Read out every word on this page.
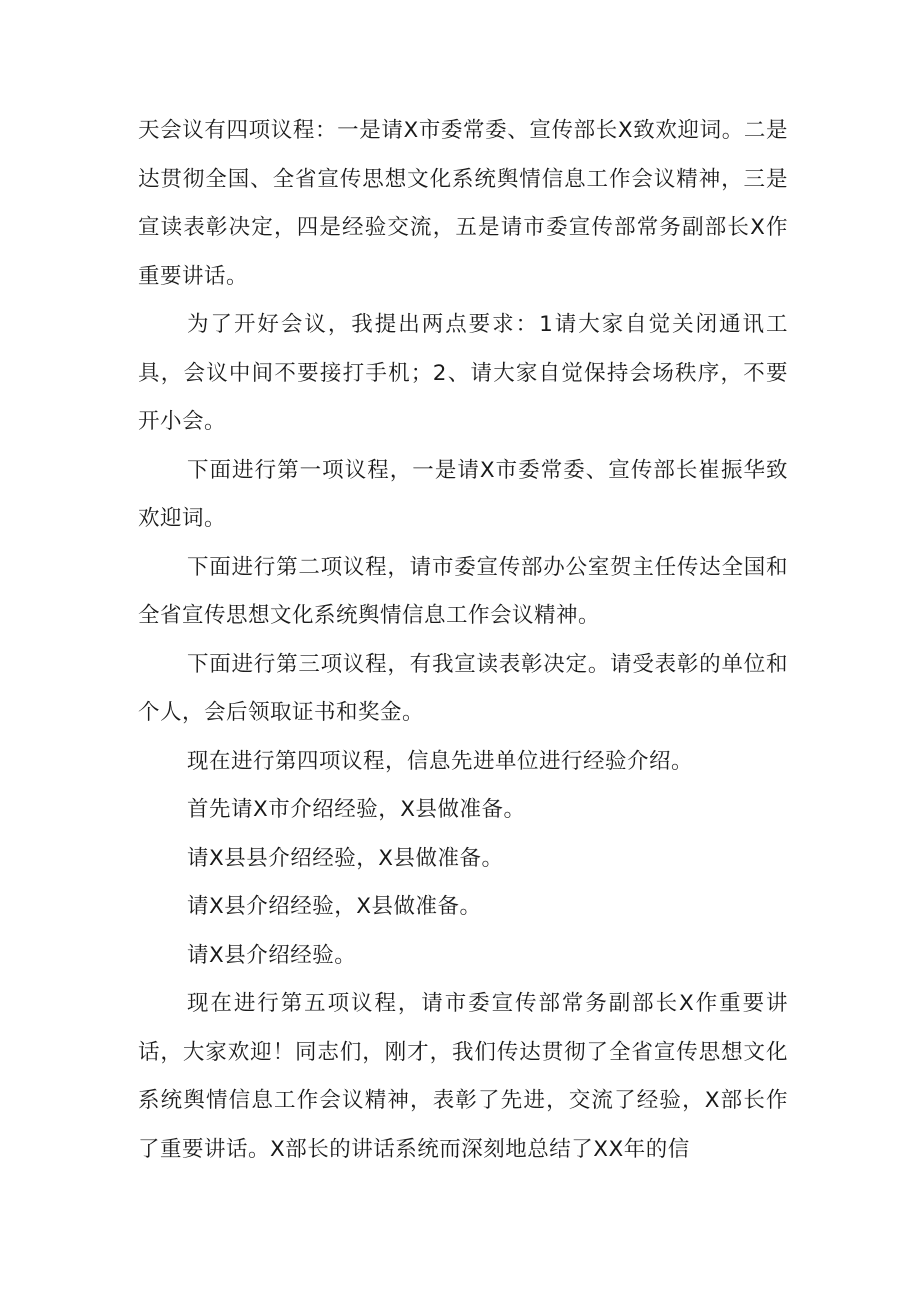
天会议有四项议程：一是请X市委常委、宣传部长X致欢迎词。二是达贯彻全国、全省宣传思想文化系统舆情信息工作会议精神，三是宣读表彰决定，四是经验交流，五是请市委宣传部常务副部长X作重要讲话。

为了开好会议，我提出两点要求：1请大家自觉关闭通讯工具，会议中间不要接打手机；2、请大家自觉保持会场秩序，不要开小会。

下面进行第一项议程，一是请X市委常委、宣传部长崔振华致欢迎词。

下面进行第二项议程，请市委宣传部办公室贺主任传达全国和全省宣传思想文化系统舆情信息工作会议精神。

下面进行第三项议程，有我宣读表彰决定。请受表彰的单位和个人，会后领取证书和奖金。

现在进行第四项议程，信息先进单位进行经验介绍。

首先请X市介绍经验，X县做准备。

请X县县介绍经验，X县做准备。

请X县介绍经验，X县做准备。

请X县介绍经验。

现在进行第五项议程，请市委宣传部常务副部长X作重要讲话，大家欢迎！同志们，刚才，我们传达贯彻了全省宣传思想文化系统舆情信息工作会议精神，表彰了先进，交流了经验，X部长作了重要讲话。X部长的讲话系统而深刻地总结了XX年的信
